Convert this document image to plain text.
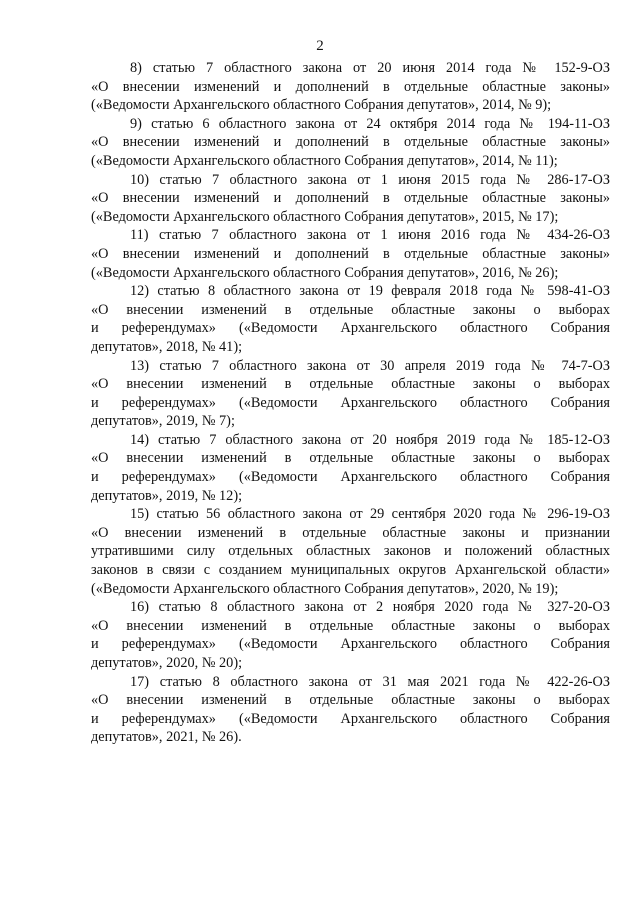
2

8) статью 7 областного закона от 20 июня 2014 года № 152-9-ОЗ
«О внесении изменений и дополнений в отдельные областные законы»
(«Ведомости Архангельского областного Собрания депутатов», 2014, № 9);

9) статью 6 областного закона от 24 октября 2014 года № 194-11-ОЗ
«О внесении изменений и дополнений в отдельные областные законы»
(«Ведомости Архангельского областного Собрания депутатов», 2014, № 11);

10) статью 7 областного закона от 1 июня 2015 года № 286-17-ОЗ
«О внесении изменений и дополнений в отдельные областные законы»
(«Ведомости Архангельского областного Собрания депутатов», 2015, № 17);

11) статью 7 областного закона от 1 июня 2016 года № 434-26-ОЗ
«О внесении изменений и дополнений в отдельные областные законы»
(«Ведомости Архангельского областного Собрания депутатов», 2016, № 26);

12) статью 8 областного закона от 19 февраля 2018 года № 598-41-ОЗ
«О внесении изменений в отдельные областные законы о выборах
и референдумах» («Ведомости Архангельского областного Собрания
депутатов», 2018, № 41);

13) статью 7 областного закона от 30 апреля 2019 года № 74-7-ОЗ
«О внесении изменений в отдельные областные законы о выборах
и референдумах» («Ведомости Архангельского областного Собрания
депутатов», 2019, № 7);

14) статью 7 областного закона от 20 ноября 2019 года № 185-12-ОЗ
«О внесении изменений в отдельные областные законы о выборах
и референдумах» («Ведомости Архангельского областного Собрания
депутатов», 2019, № 12);

15) статью 56 областного закона от 29 сентября 2020 года № 296-19-ОЗ
«О внесении изменений в отдельные областные законы и признании
утратившими силу отдельных областных законов и положений областных
законов в связи с созданием муниципальных округов Архангельской области»
(«Ведомости Архангельского областного Собрания депутатов», 2020, № 19);

16) статью 8 областного закона от 2 ноября 2020 года № 327-20-ОЗ
«О внесении изменений в отдельные областные законы о выборах
и референдумах» («Ведомости Архангельского областного Собрания
депутатов», 2020, № 20);

17) статью 8 областного закона от 31 мая 2021 года № 422-26-ОЗ
«О внесении изменений в отдельные областные законы о выборах
и референдумах» («Ведомости Архангельского областного Собрания
депутатов», 2021, № 26).
